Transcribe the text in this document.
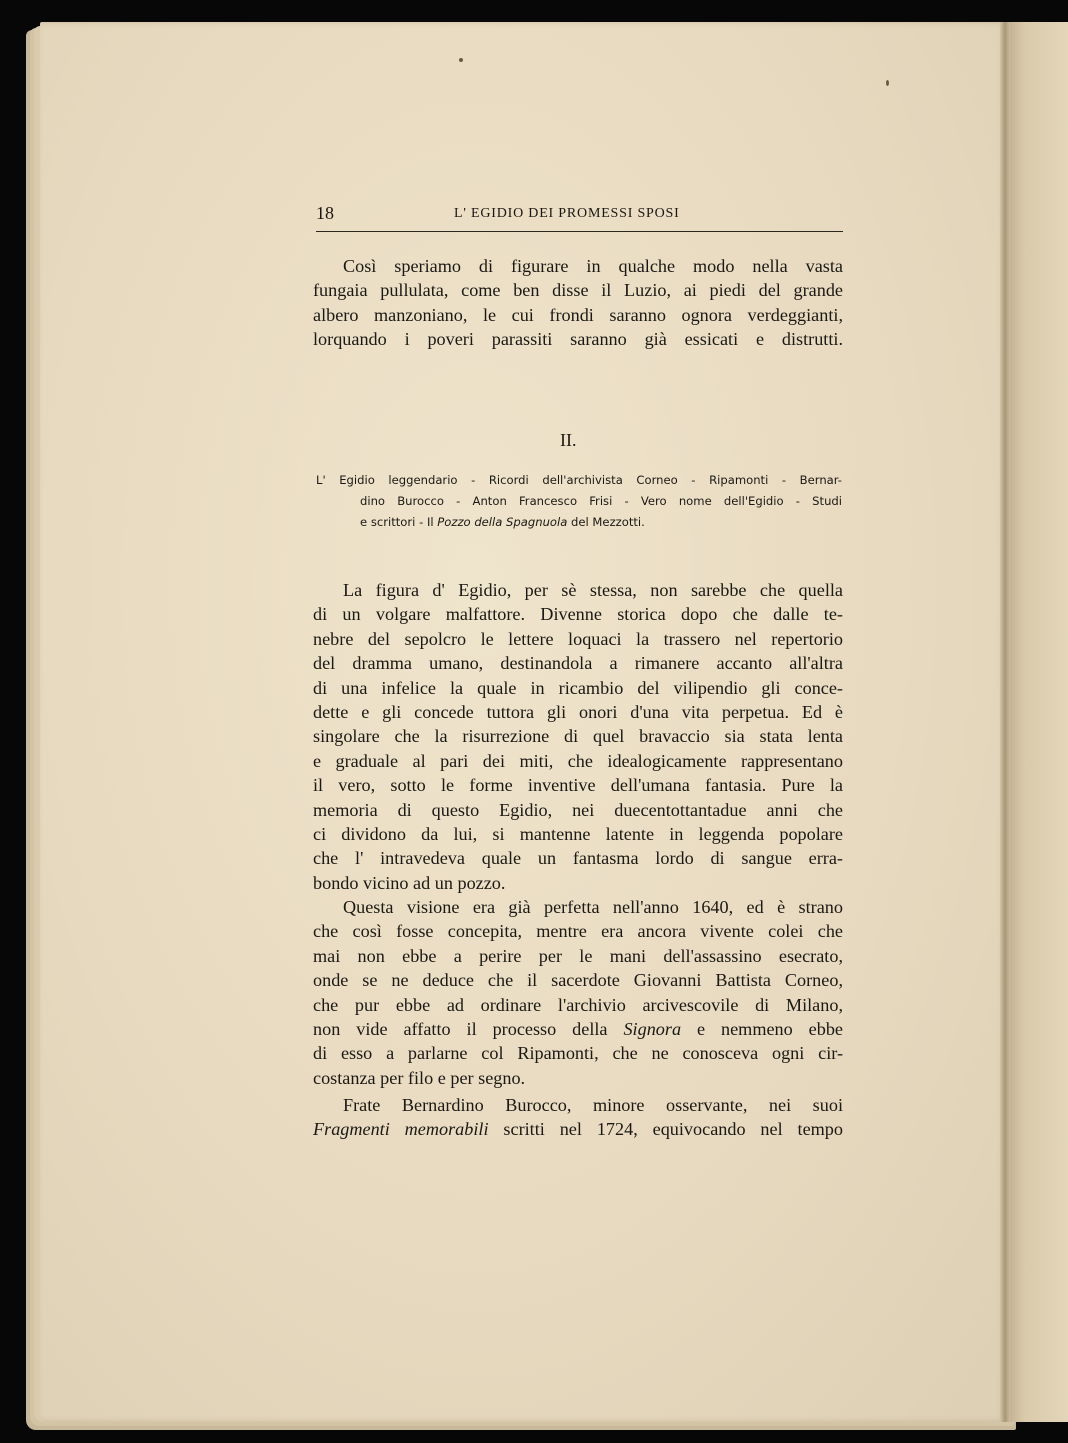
18	L' EGIDIO DEI PROMESSI SPOSI
Così speriamo di figurare in qualche modo nella vasta
fungaia pullulata, come ben disse il Luzio, ai piedi del grande
albero manzoniano, le cui frondi saranno ognora verdeggianti,
lorquando i poveri parassiti saranno già essicati e distrutti.
II.
L' Egidio leggendario - Ricordi dell'archivista Corneo - Ripamonti - Bernar-
dino Burocco - Anton Francesco Frisi - Vero nome dell'Egidio - Studi
e scrittori - Il Pozzo della Spagnuola del Mezzotti.
La figura d' Egidio, per sè stessa, non sarebbe che quella
di un volgare malfattore. Divenne storica dopo che dalle te-
nebre del sepolcro le lettere loquaci la trassero nel repertorio
del dramma umano, destinandola a rimanere accanto all'altra
di una infelice la quale in ricambio del vilipendio gli conce-
dette e gli concede tuttora gli onori d'una vita perpetua. Ed è
singolare che la risurrezione di quel bravaccio sia stata lenta
e graduale al pari dei miti, che idealogicamente rappresentano
il vero, sotto le forme inventive dell'umana fantasia. Pure la
memoria di questo Egidio, nei duecentottantadue anni che
ci dividono da lui, si mantenne latente in leggenda popolare
che l' intravedeva quale un fantasma lordo di sangue erra-
bondo vicino ad un pozzo.
Questa visione era già perfetta nell'anno 1640, ed è strano
che così fosse concepita, mentre era ancora vivente colei che
mai non ebbe a perire per le mani dell'assassino esecrato,
onde se ne deduce che il sacerdote Giovanni Battista Corneo,
che pur ebbe ad ordinare l'archivio arcivescovile di Milano,
non vide affatto il processo della Signora e nemmeno ebbe
di esso a parlarne col Ripamonti, che ne conosceva ogni cir-
costanza per filo e per segno.
Frate Bernardino Burocco, minore osservante, nei suoi
Fragmenti memorabili scritti nel 1724, equivocando nel tempo
